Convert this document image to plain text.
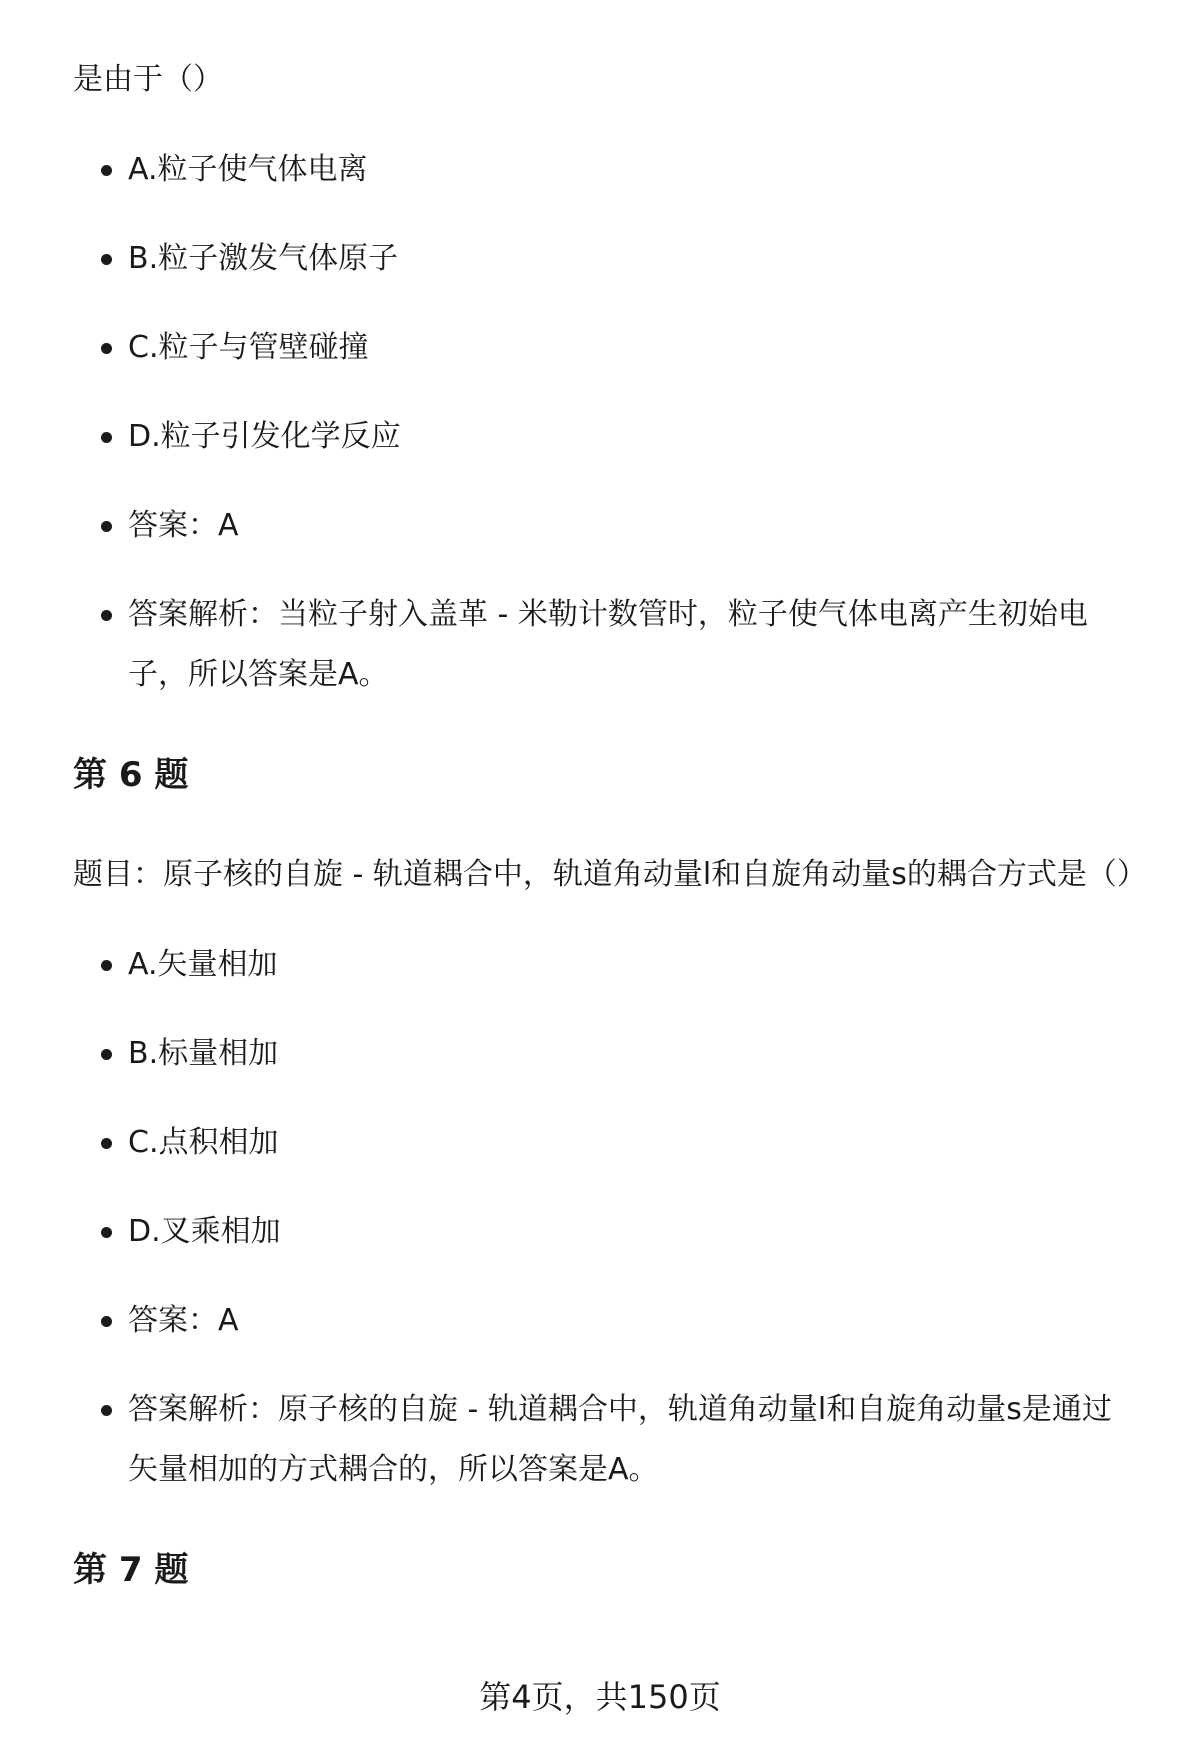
是由于（）
A.粒子使气体电离
B.粒子激发气体原子
C.粒子与管壁碰撞
D.粒子引发化学反应
答案：A
答案解析：当粒子射入盖革 - 米勒计数管时，粒子使气体电离产生初始电子，所以答案是A。
第 6 题
题目：原子核的自旋 - 轨道耦合中，轨道角动量l和自旋角动量s的耦合方式是（）
A.矢量相加
B.标量相加
C.点积相加
D.叉乘相加
答案：A
答案解析：原子核的自旋 - 轨道耦合中，轨道角动量l和自旋角动量s是通过矢量相加的方式耦合的，所以答案是A。
第 7 题
第4页，共150页
